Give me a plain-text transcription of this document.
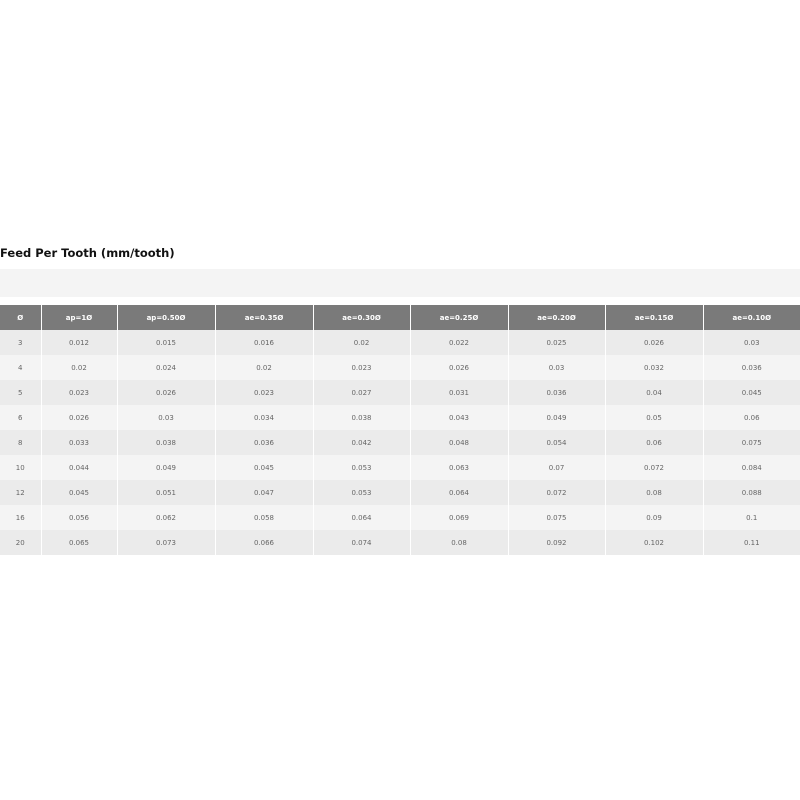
Feed Per Tooth (mm/tooth)
Ø	ap=1Ø	ap=0.50Ø	ae=0.35Ø	ae=0.30Ø	ae=0.25Ø	ae=0.20Ø	ae=0.15Ø	ae=0.10Ø
3	0.012	0.015	0.016	0.02	0.022	0.025	0.026	0.03
4	0.02	0.024	0.02	0.023	0.026	0.03	0.032	0.036
5	0.023	0.026	0.023	0.027	0.031	0.036	0.04	0.045
6	0.026	0.03	0.034	0.038	0.043	0.049	0.05	0.06
8	0.033	0.038	0.036	0.042	0.048	0.054	0.06	0.075
10	0.044	0.049	0.045	0.053	0.063	0.07	0.072	0.084
12	0.045	0.051	0.047	0.053	0.064	0.072	0.08	0.088
16	0.056	0.062	0.058	0.064	0.069	0.075	0.09	0.1
20	0.065	0.073	0.066	0.074	0.08	0.092	0.102	0.11
